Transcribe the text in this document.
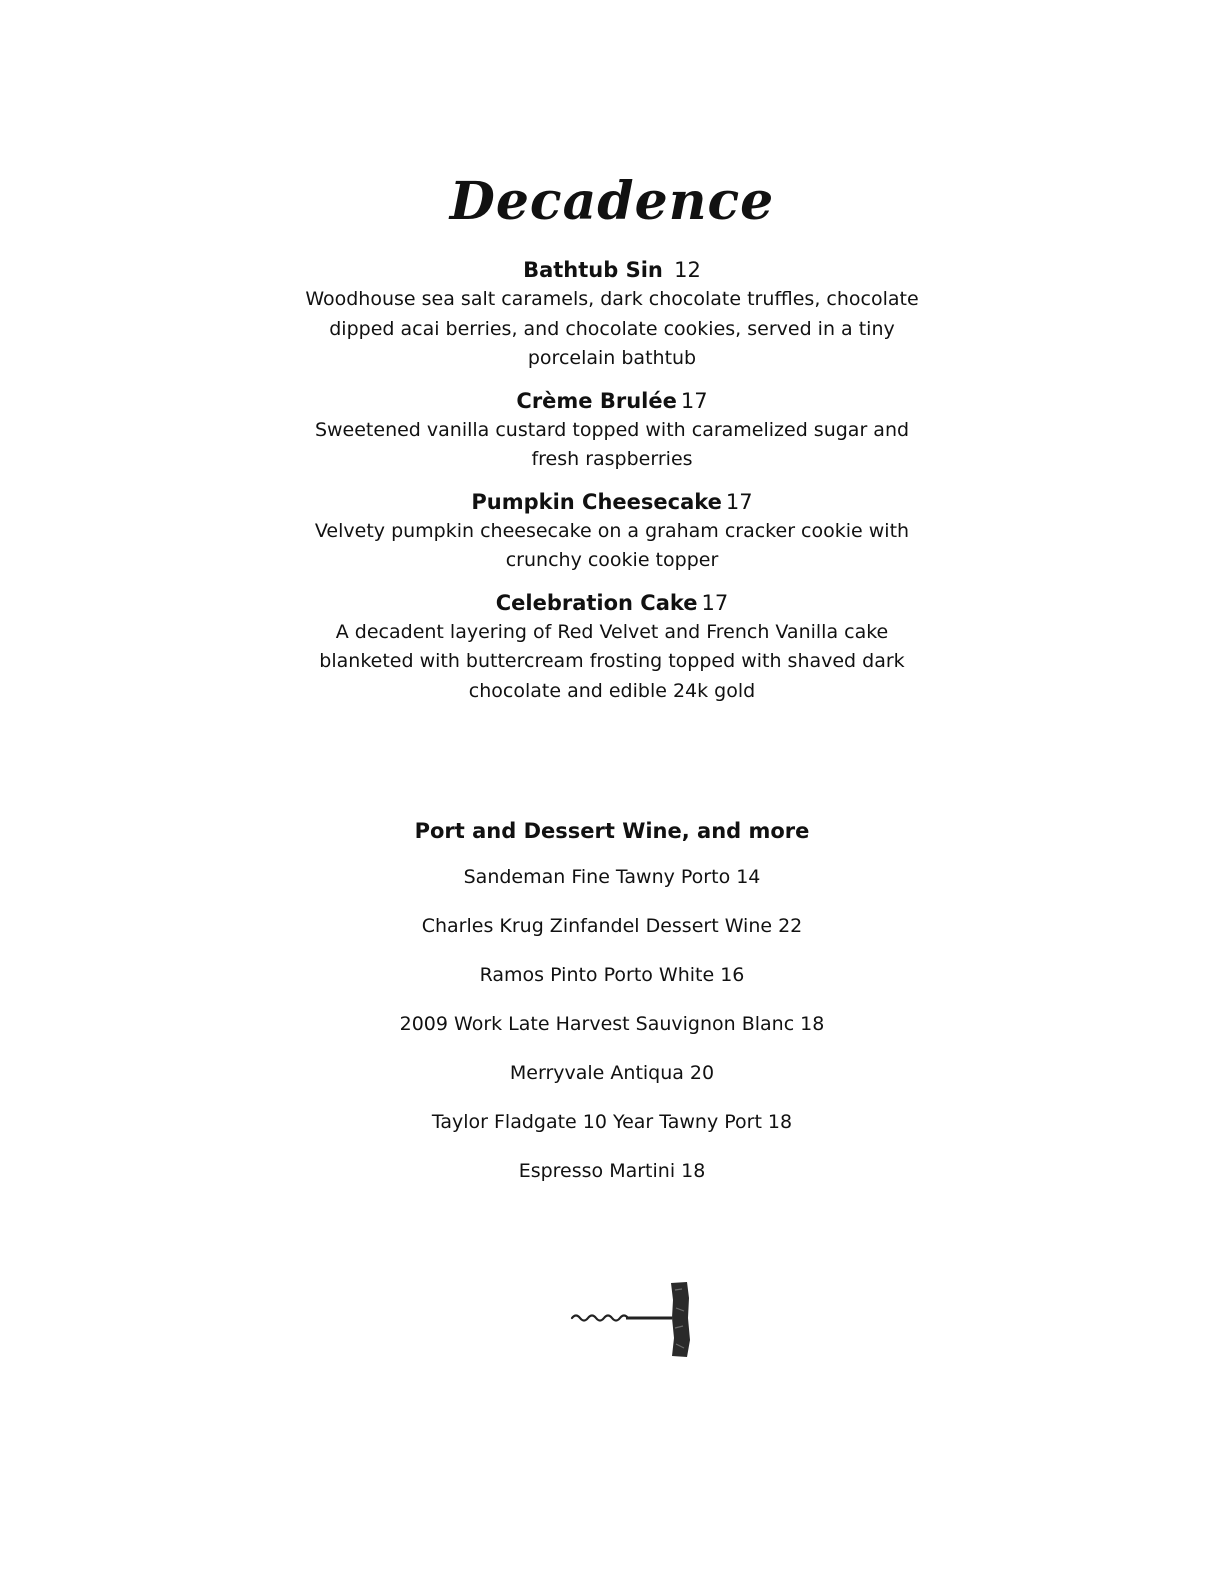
Decadence

Bathtub Sin 12

Woodhouse sea salt caramels, dark chocolate truffles, chocolate dipped acai berries, and chocolate cookies, served in a tiny porcelain bathtub

Crème Brulée 17

Sweetened vanilla custard topped with caramelized sugar and fresh raspberries

Pumpkin Cheesecake 17

Velvety pumpkin cheesecake on a graham cracker cookie with crunchy cookie topper

Celebration Cake 17

A decadent layering of Red Velvet and French Vanilla cake blanketed with buttercream frosting topped with shaved dark chocolate and edible 24k gold

Port and Dessert Wine, and more
Sandeman Fine Tawny Porto 14
Charles Krug Zinfandel Dessert Wine 22
Ramos Pinto Porto White 16
2009 Work Late Harvest Sauvignon Blanc 18
Merryvale Antiqua 20
Taylor Fladgate 10 Year Tawny Port 18
Espresso Martini 18
